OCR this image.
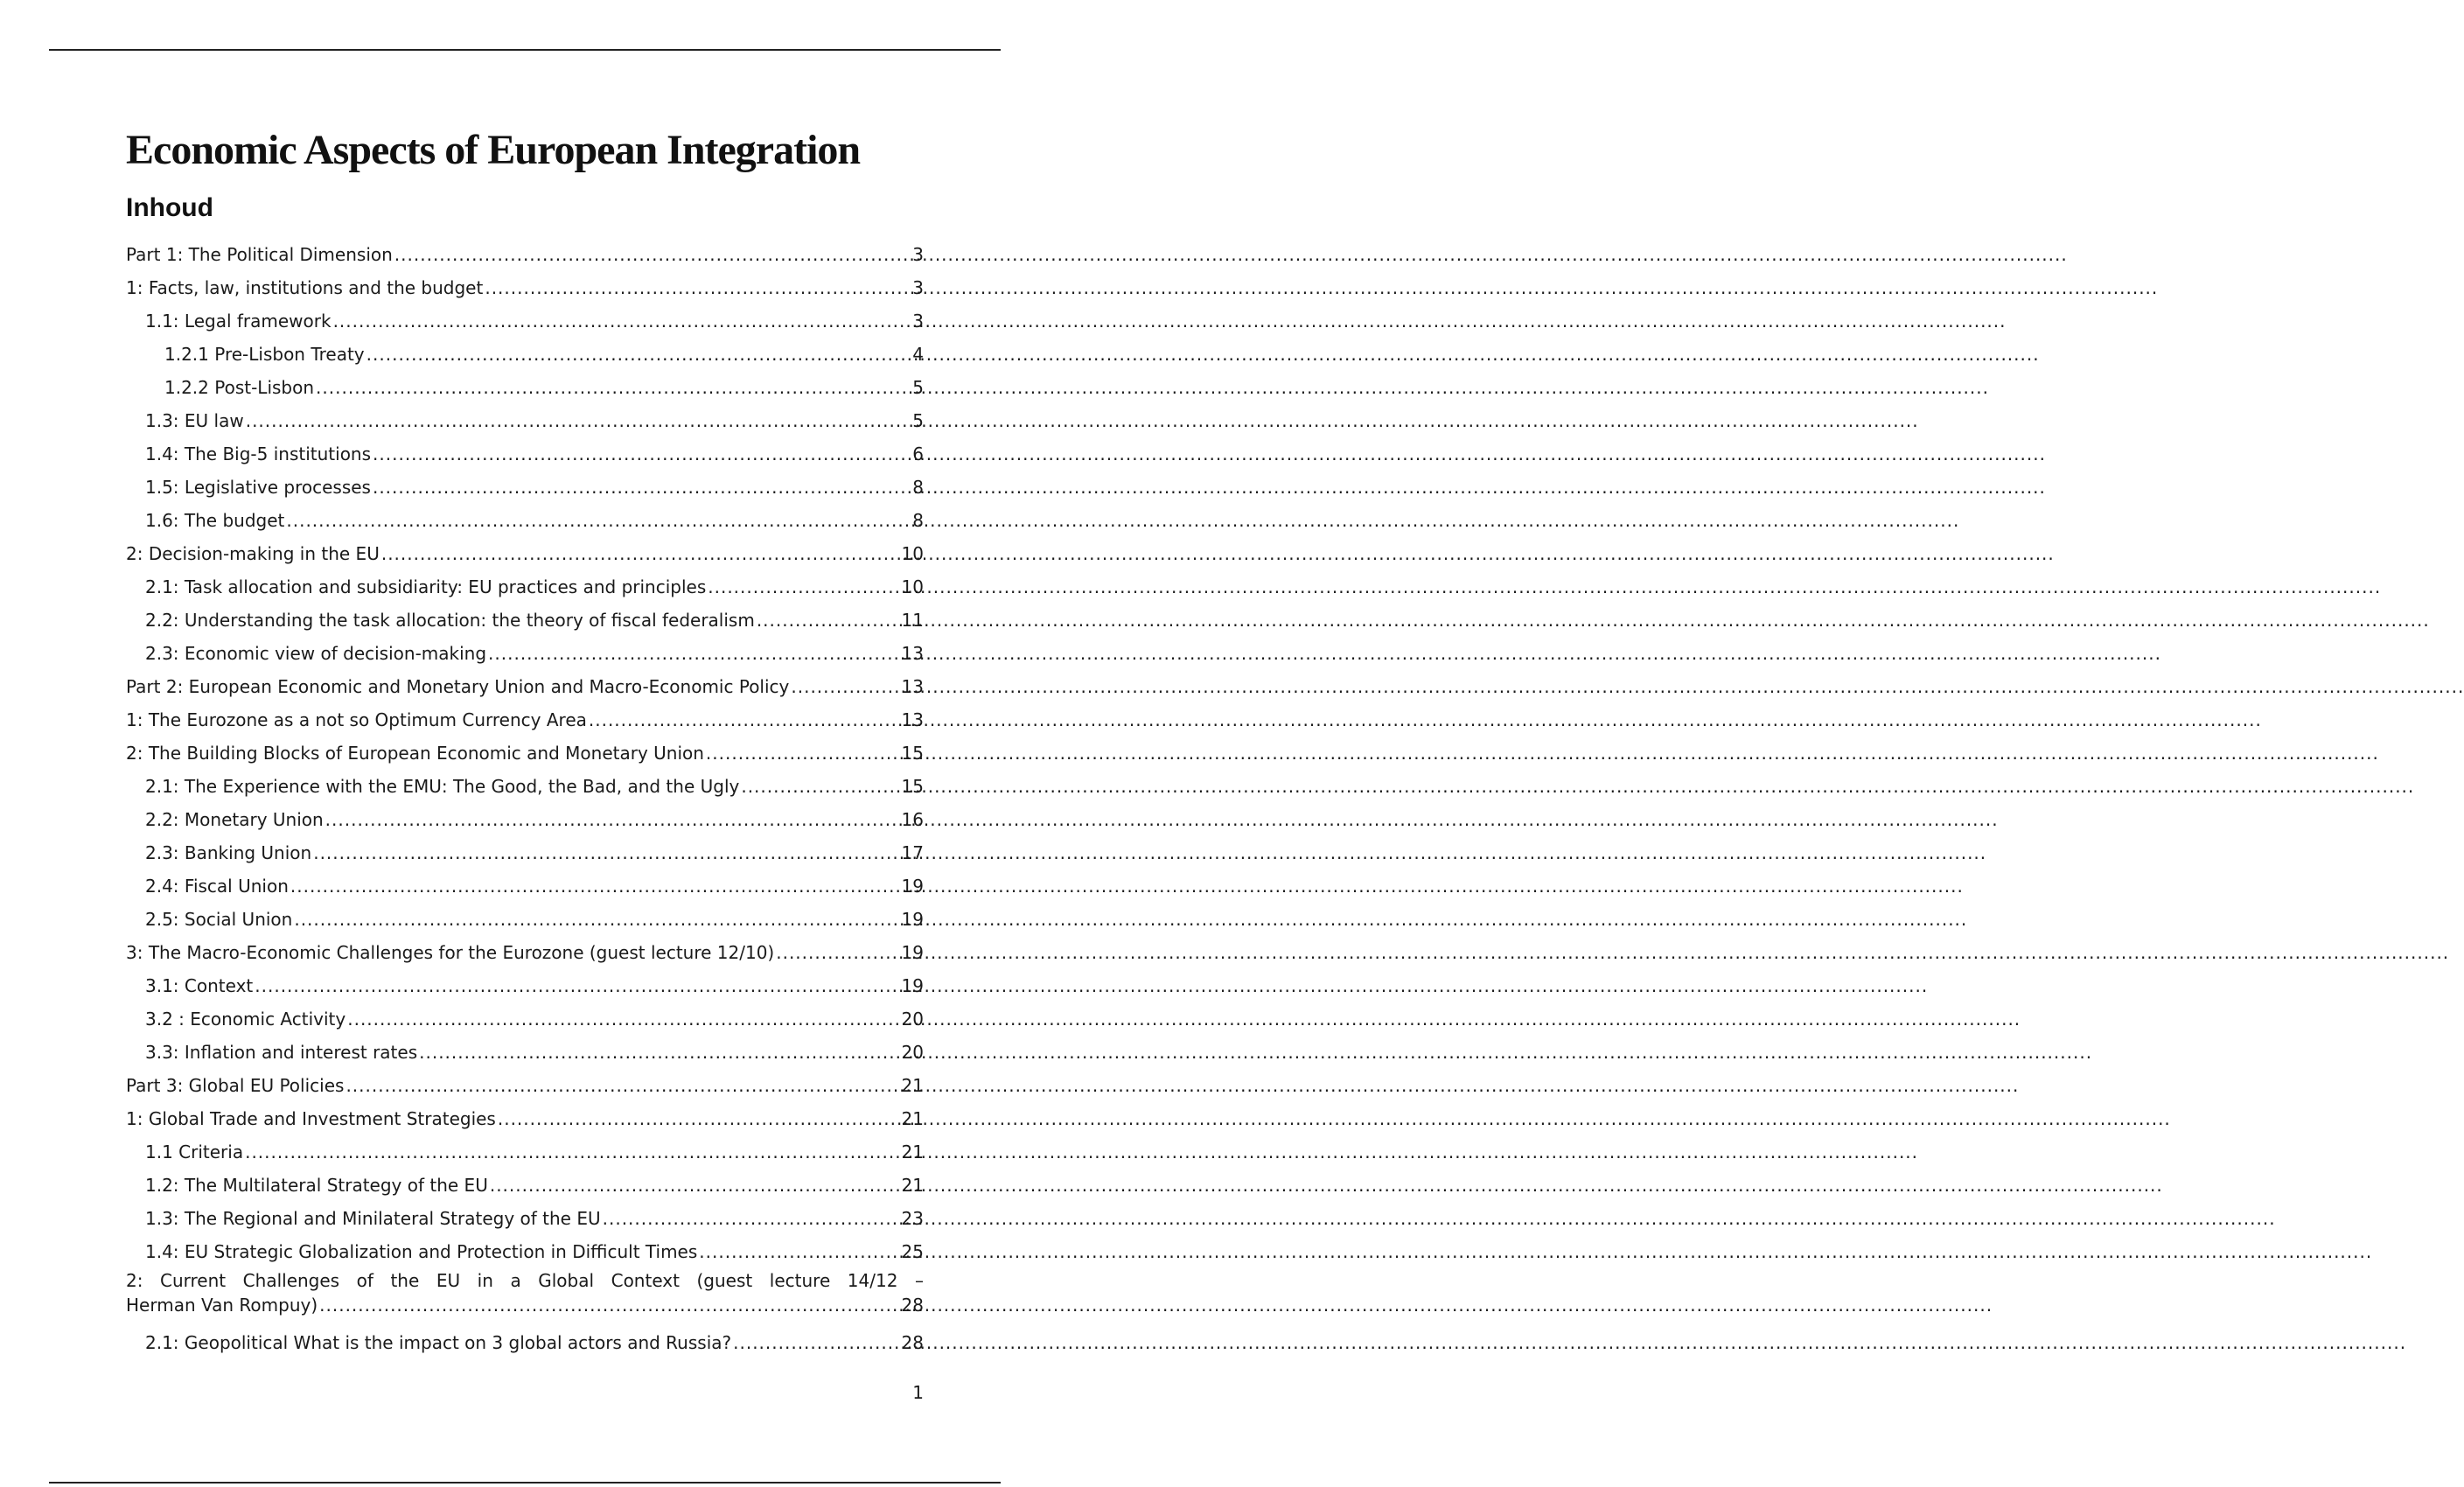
Economic Aspects of European Integration
Inhoud
Part 1: The Political Dimension .....	3
1: Facts, law, institutions and the budget .....	3
1.1: Legal framework .....	3
1.2.1 Pre-Lisbon Treaty .....	4
1.2.2 Post-Lisbon .....	5
1.3: EU law .....	5
1.4: The Big-5 institutions .....	6
1.5: Legislative processes .....	8
1.6: The budget .....	8
2: Decision-making in the EU .....	10
2.1: Task allocation and subsidiarity: EU practices and principles .....	10
2.2: Understanding the task allocation: the theory of fiscal federalism .....	11
2.3: Economic view of decision-making .....	13
Part 2: European Economic and Monetary Union and Macro-Economic Policy .....	13
1: The Eurozone as a not so Optimum Currency Area .....	13
2: The Building Blocks of European Economic and Monetary Union .....	15
2.1: The Experience with the EMU: The Good, the Bad, and the Ugly .....	15
2.2: Monetary Union .....	16
2.3: Banking Union .....	17
2.4: Fiscal Union .....	19
2.5: Social Union .....	19
3: The Macro-Economic Challenges for the Eurozone (guest lecture 12/10) .....	19
3.1: Context .....	19
3.2 : Economic Activity .....	20
3.3: Inflation and interest rates .....	20
Part 3: Global EU Policies .....	21
1: Global Trade and Investment Strategies .....	21
1.1 Criteria .....	21
1.2: The Multilateral Strategy of the EU .....	21
1.3: The Regional and Minilateral Strategy of the EU .....	23
1.4: EU Strategic Globalization and Protection in Difficult Times .....	25
2: Current Challenges of the EU in a Global Context (guest lecture 14/12 –
Herman Van Rompuy) .....	28
2.1: Geopolitical What is the impact on 3 global actors and Russia? .....	28
1
